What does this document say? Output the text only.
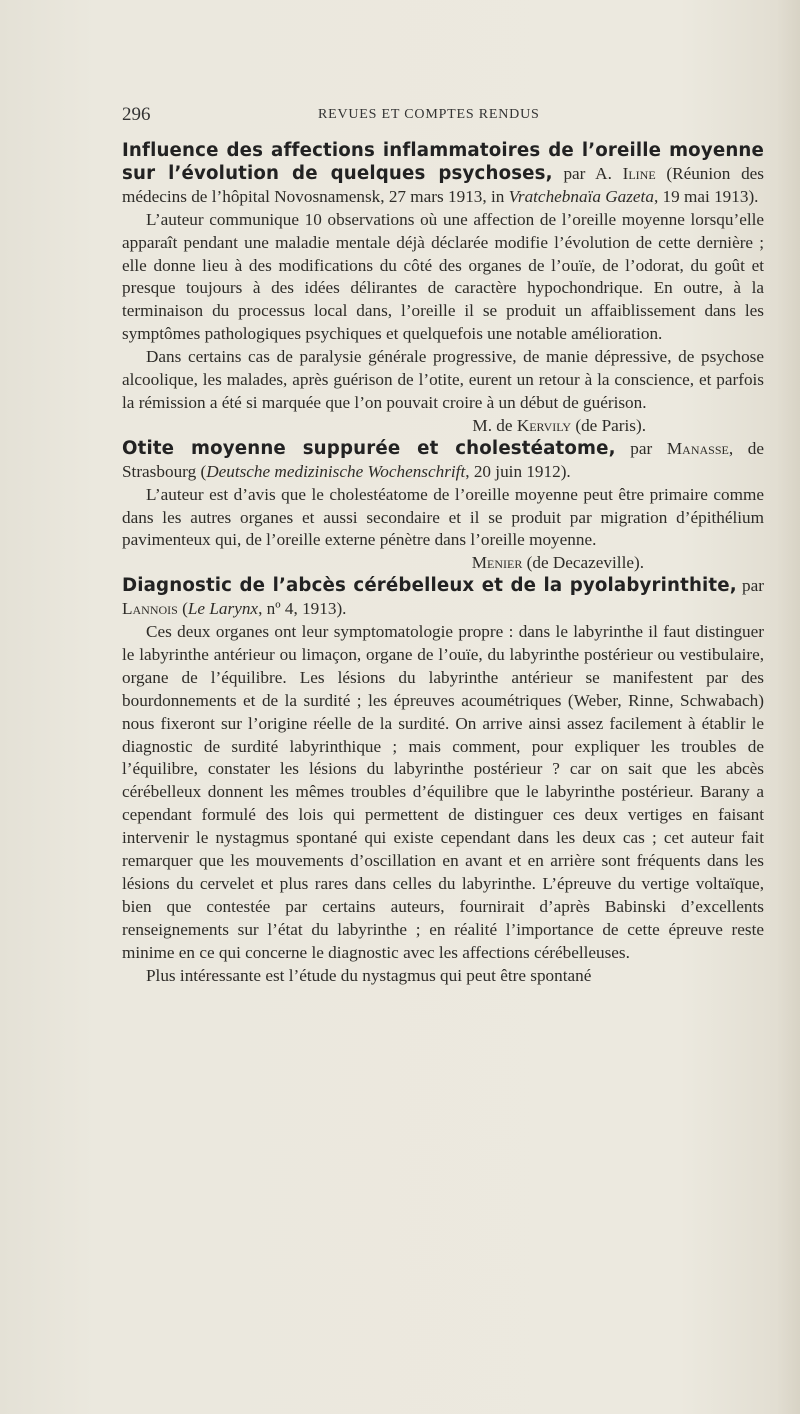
296	REVUES ET COMPTES RENDUS

Influence des affections inflammatoires de l’oreille moyenne sur l’évolution de quelques psychoses, par A. Iline (Réunion des médecins de l’hôpital Novosnamensk, 27 mars 1913, in Vratchebnaïa Gazeta, 19 mai 1913).

L’auteur communique 10 observations où une affection de l’oreille moyenne lorsqu’elle apparaît pendant une maladie mentale déjà déclarée modifie l’évolution de cette dernière ; elle donne lieu à des modifications du côté des organes de l’ouïe, de l’odorat, du goût et presque toujours à des idées délirantes de caractère hypochondrique. En outre, à la terminaison du processus local dans, l’oreille il se produit un affaiblissement dans les symptômes pathologiques psychiques et quelquefois une notable amélioration.

Dans certains cas de paralysie générale progressive, de manie dépressive, de psychose alcoolique, les malades, après guérison de l’otite, eurent un retour à la conscience, et parfois la rémission a été si marquée que l’on pouvait croire à un début de guérison.

M. de Kervily (de Paris).

Otite moyenne suppurée et cholestéatome, par Manasse, de Strasbourg (Deutsche medizinische Wochenschrift, 20 juin 1912).

L’auteur est d’avis que le cholestéatome de l’oreille moyenne peut être primaire comme dans les autres organes et aussi secondaire et il se produit par migration d’épithélium pavimenteux qui, de l’oreille externe pénètre dans l’oreille moyenne.

Menier (de Decazeville).

Diagnostic de l’abcès cérébelleux et de la pyolabyrinthite, par Lannois (Le Larynx, nº 4, 1913).

Ces deux organes ont leur symptomatologie propre : dans le labyrinthe il faut distinguer le labyrinthe antérieur ou limaçon, organe de l’ouïe, du labyrinthe postérieur ou vestibulaire, organe de l’équilibre. Les lésions du labyrinthe antérieur se manifestent par des bourdonnements et de la surdité ; les épreuves acoumétriques (Weber, Rinne, Schwabach) nous fixeront sur l’origine réelle de la surdité. On arrive ainsi assez facilement à établir le diagnostic de surdité labyrinthique ; mais comment, pour expliquer les troubles de l’équilibre, constater les lésions du labyrinthe postérieur ? car on sait que les abcès cérébelleux donnent les mêmes troubles d’équilibre que le labyrinthe postérieur. Barany a cependant formulé des lois qui permettent de distinguer ces deux vertiges en faisant intervenir le nystagmus spontané qui existe cependant dans les deux cas ; cet auteur fait remarquer que les mouvements d’oscillation en avant et en arrière sont fréquents dans les lésions du cervelet et plus rares dans celles du labyrinthe. L’épreuve du vertige voltaïque, bien que contestée par certains auteurs, fournirait d’après Babinski d’excellents renseignements sur l’état du labyrinthe ; en réalité l’importance de cette épreuve reste minime en ce qui concerne le diagnostic avec les affections cérébelleuses.

Plus intéressante est l’étude du nystagmus qui peut être spontané
